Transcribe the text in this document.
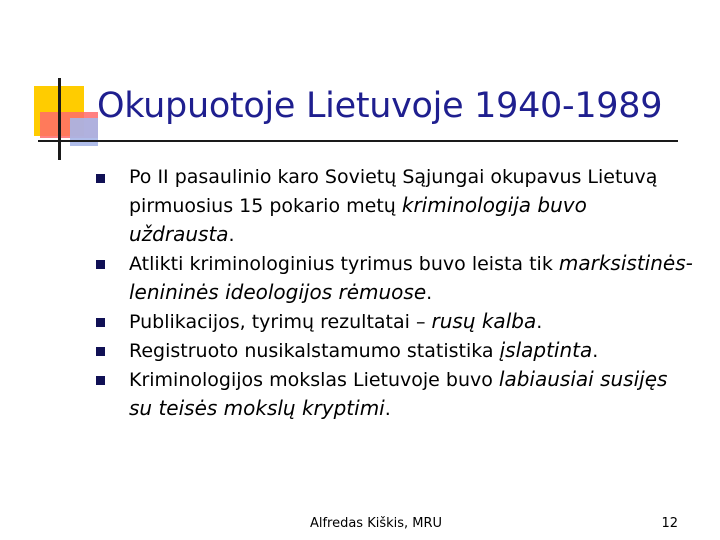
Okupuotoje Lietuvoje 1940-1989
Po II pasaulinio karo Sovietų Sąjungai okupavus Lietuvą pirmuosius 15 pokario metų kriminologija buvo uždrausta.
Atlikti kriminologinius tyrimus buvo leista tik marksistinės-lenininės ideologijos rėmuose.
Publikacijos, tyrimų rezultatai – rusų kalba.
Registruoto nusikalstamumo statistika įslaptinta.
Kriminologijos mokslas Lietuvoje buvo labiausiai susijęs su teisės mokslų kryptimi.
Alfredas Kiškis, MRU	12
